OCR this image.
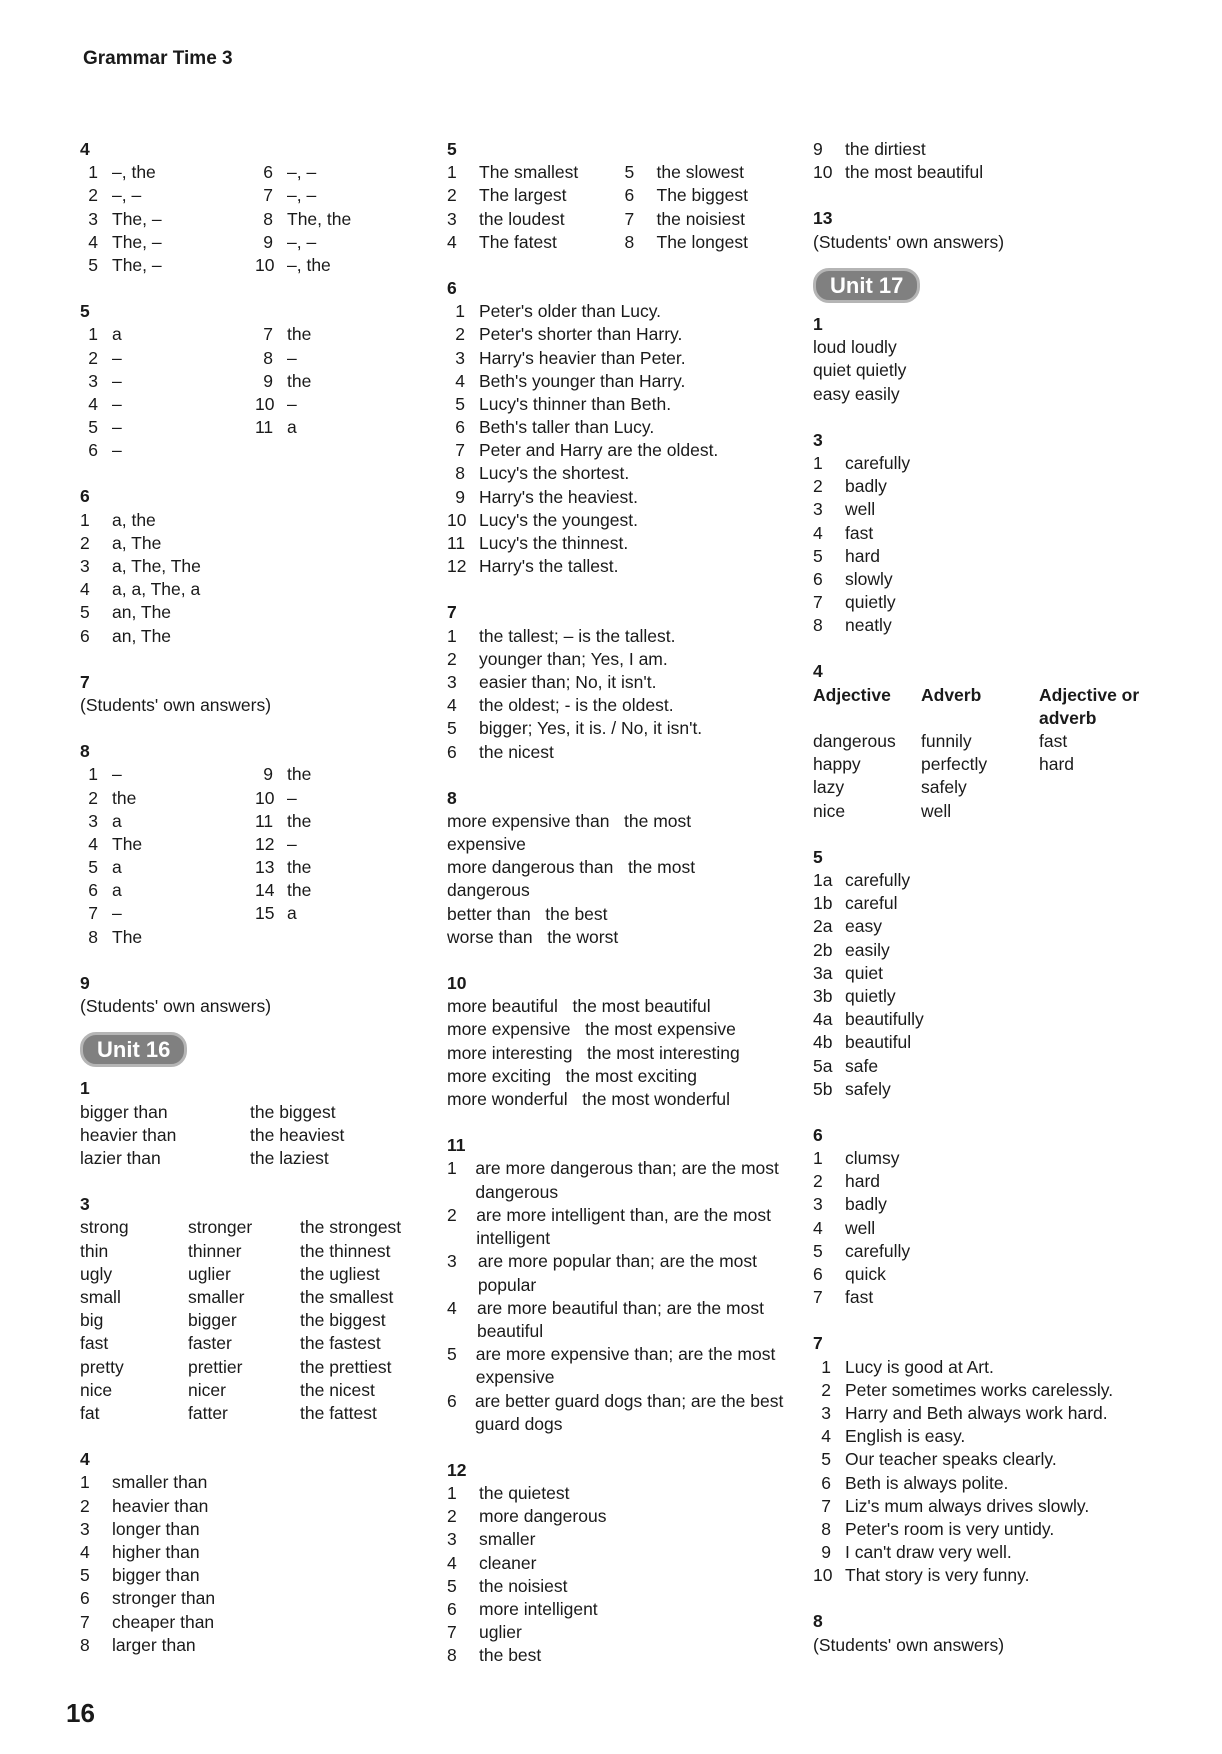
Grammar Time 3
4
1 –, the
2 –, –
3 The, –
4 The, –
5 The, –
6 –, –
7 –, –
8 The, the
9 –, –
10 –, the
5
1 a
2 –
3 –
4 –
5 –
6 –
7 the
8 –
9 the
10 –
11 a
6
1	a, the
2	a, The
3	a, The, The
4	a, a, The, a
5	an, The
6	an, The
7
(Students' own answers)
8
1 –
2 the
3 a
4 The
5 a
6 a
7 –
8 The
9 the
10 –
11 the
12 –
13 the
14 the
15 a
9
(Students' own answers)
Unit 16
1
bigger than	the biggest
heavier than	the heaviest
lazier than	the laziest
3
strong	stronger	the strongest
thin	thinner	the thinnest
ugly	uglier	the ugliest
small	smaller	the smallest
big	bigger	the biggest
fast	faster	the fastest
pretty	prettier	the prettiest
nice	nicer	the nicest
fat	fatter	the fattest
4
1	smaller than
2	heavier than
3	longer than
4	higher than
5	bigger than
6	stronger than
7	cheaper than
8	larger than
5
1	The smallest
2	The largest
3	the loudest
4	The fatest
5	the slowest
6	The biggest
7	the noisiest
8	The longest
6
1 Peter's older than Lucy.
2 Peter's shorter than Harry.
3 Harry's heavier than Peter.
4 Beth's younger than Harry.
5 Lucy's thinner than Beth.
6 Beth's taller than Lucy.
7 Peter and Harry are the oldest.
8 Lucy's the shortest.
9 Harry's the heaviest.
10 Lucy's the youngest.
11 Lucy's the thinnest.
12 Harry's the tallest.
7
1	the tallest; – is the tallest.
2	younger than; Yes, I am.
3	easier than; No, it isn't.
4	the oldest; - is the oldest.
5	bigger; Yes, it is. / No, it isn't.
6	the nicest
8
more expensive than   the most
expensive
more dangerous than   the most
dangerous
better than   the best
worse than   the worst
10
more beautiful   the most beautiful
more expensive   the most expensive
more interesting   the most interesting
more exciting   the most exciting
more wonderful   the most wonderful
11
1	are more dangerous than; are the most dangerous
2	are more intelligent than, are the most intelligent
3	are more popular than; are the most popular
4	are more beautiful than; are the most beautiful
5	are more expensive than; are the most expensive
6	are better guard dogs than; are the best guard dogs
12
1	the quietest
2	more dangerous
3	smaller
4	cleaner
5	the noisiest
6	more intelligent
7	uglier
8	the best
9	the dirtiest
10 the most beautiful
13
(Students' own answers)
Unit 17
1
loud loudly
quiet quietly
easy easily
3
1	carefully
2	badly
3	well
4	fast
5	hard
6	slowly
7	quietly
8	neatly
4
Adjective	Adverb	Adjective or adverb
dangerous	funnily	fast
happy	perfectly	hard
lazy	safely
nice	well
5
1a carefully
1b careful
2a easy
2b easily
3a quiet
3b quietly
4a beautifully
4b beautiful
5a safe
5b safely
6
1	clumsy
2	hard
3	badly
4	well
5	carefully
6	quick
7	fast
7
1 Lucy is good at Art.
2 Peter sometimes works carelessly.
3 Harry and Beth always work hard.
4 English is easy.
5 Our teacher speaks clearly.
6 Beth is always polite.
7 Liz's mum always drives slowly.
8 Peter's room is very untidy.
9 I can't draw very well.
10 That story is very funny.
8
(Students' own answers)
16
